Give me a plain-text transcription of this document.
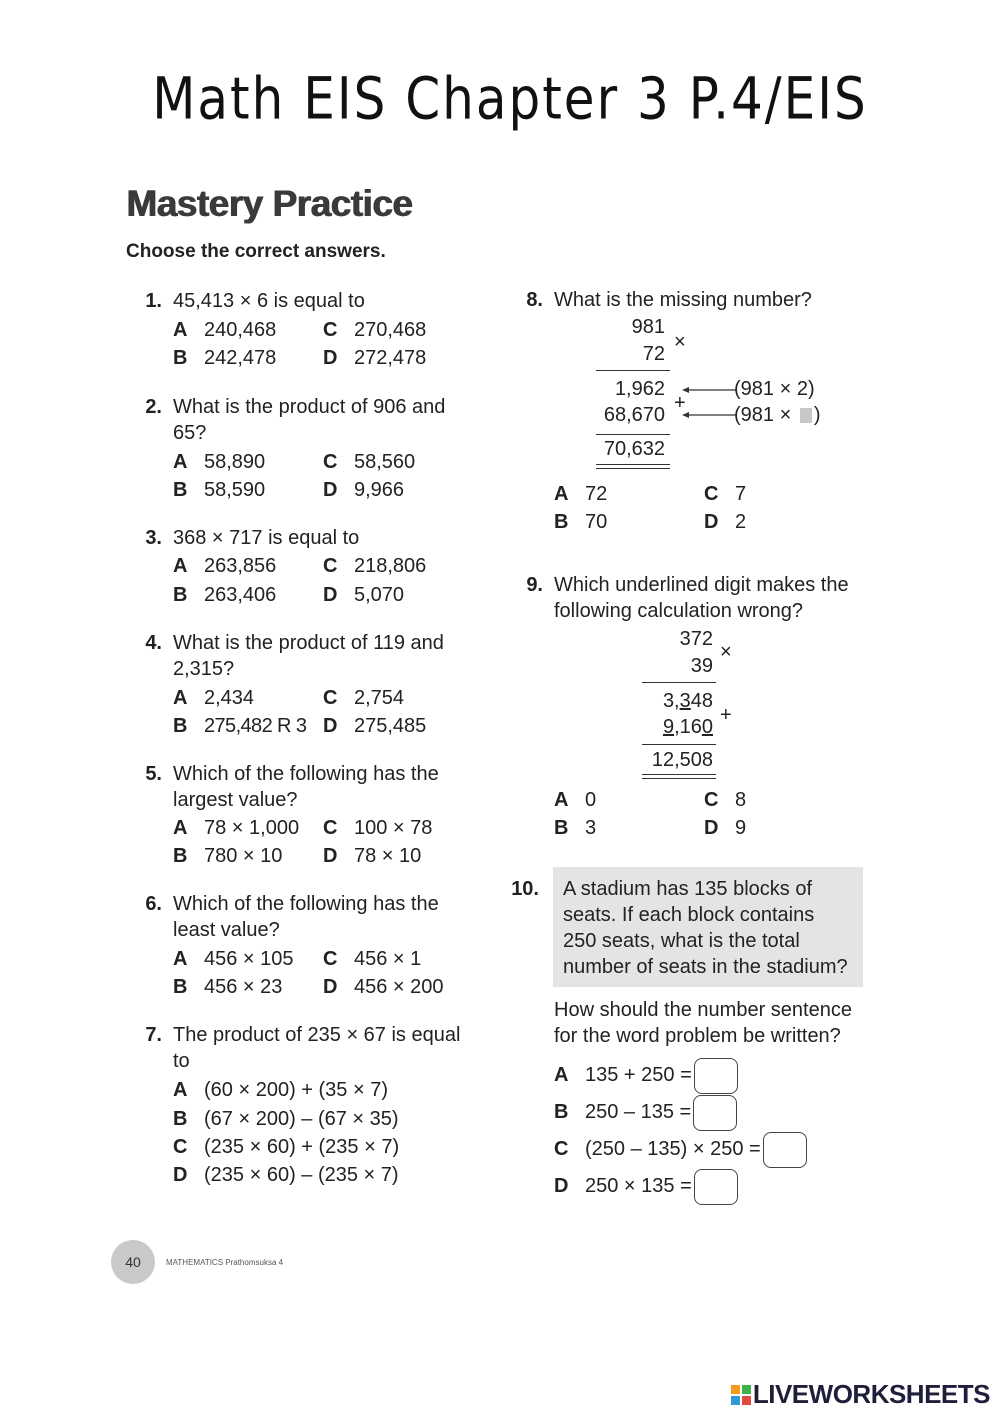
Math EIS Chapter 3 P.4/EIS
Mastery Practice
Choose the correct answers.
1. 45,413 × 6 is equal to
A 240,468 C 270,468
B 242,478 D 272,478
2. What is the product of 906 and
65?
A 58,890	C 58,560
B 58,590	D 9,966
3. 368 × 717 is equal to
A 263,856 C 218,806
B 263,406 D 5,070
4. What is the product of 119 and
2,315?
A 2,434	C 2,754
B 275,482 R 3 D 275,485
5. Which of the following has the
largest value?
A 78 × 1,000 C 100 × 78
B 780 × 10 D 78 × 10
6. Which of the following has the
least value?
A 456 × 105 C 456 × 1
B 456 × 23 D 456 × 200
7. The product of 235 × 67 is equal
to
A (60 × 200) + (35 × 7)
B (67 × 200) – (67 × 35)
C (235 × 60) + (235 × 7)
D (235 × 60) – (235 × 7)
8. What is the missing number?
981
72
×
1,962
68,670
+
(981 × 2)
(981 × )
70,632
A 72	C 7
B 70	D 2
9. Which underlined digit makes the
following calculation wrong?
372
39
×
3,348
9,160
+
12,508
A 0	C 8
B 3	D 9
10. A stadium has 135 blocks of
seats. If each block contains
250 seats, what is the total
number of seats in the stadium?
How should the number sentence
for the word problem be written?
A 135 + 250 =
B 250 – 135 =
C (250 – 135) × 250 =
D 250 × 135 =
40	MATHEMATICS Prathomsuksa 4
LIVEWORKSHEETS
